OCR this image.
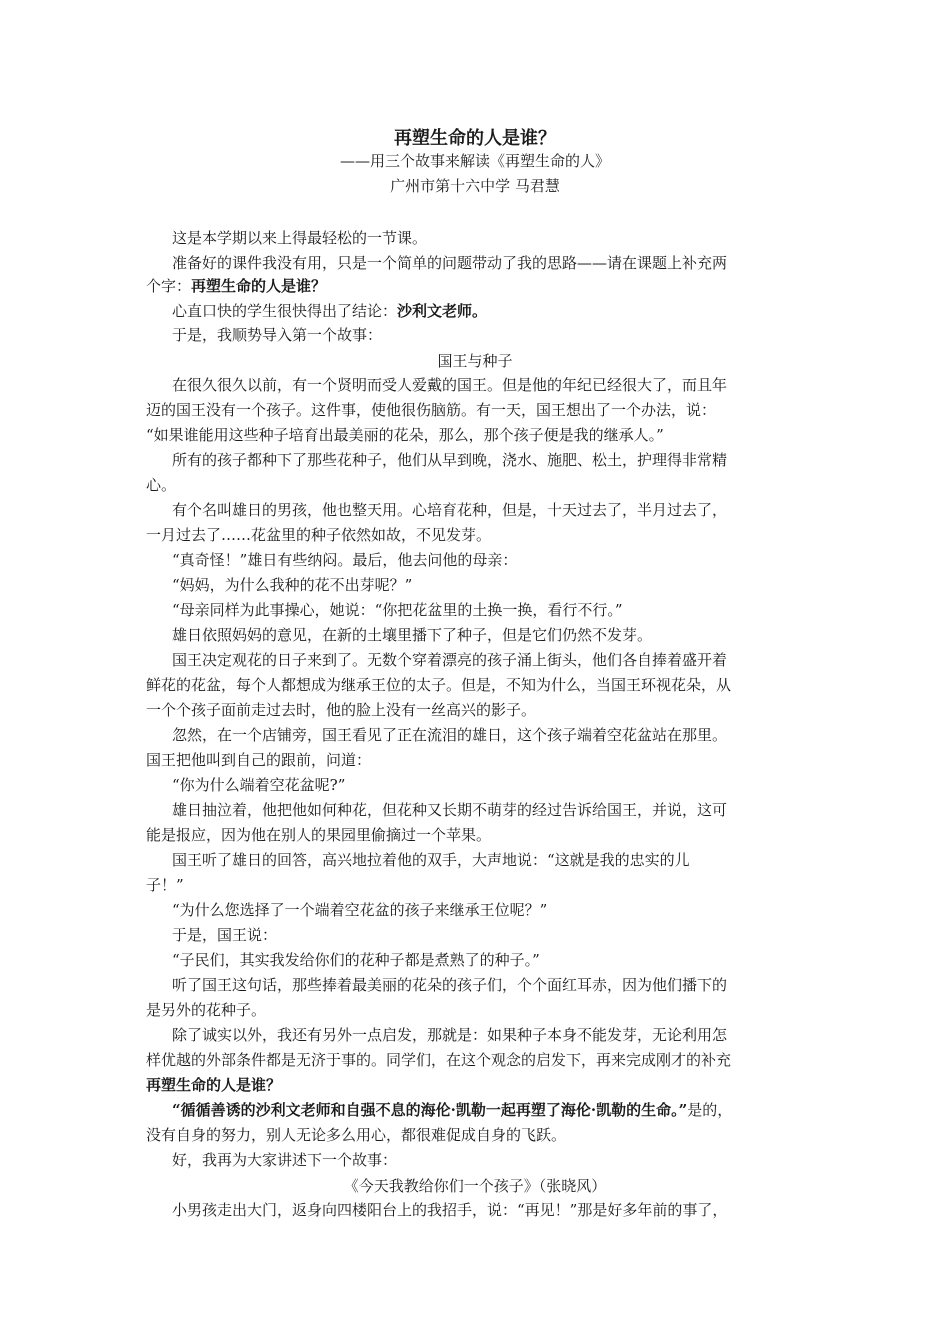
再塑生命的人是谁？
——用三个故事来解读《再塑生命的人》
广州市第十六中学 马君慧
这是本学期以来上得最轻松的一节课。
准备好的课件我没有用，只是一个简单的问题带动了我的思路——请在课题上补充两
个字：再塑生命的人是谁？
心直口快的学生很快得出了结论：沙利文老师。
于是，我顺势导入第一个故事：
国王与种子
在很久很久以前，有一个贤明而受人爱戴的国王。但是他的年纪已经很大了，而且年
迈的国王没有一个孩子。这件事，使他很伤脑筋。有一天，国王想出了一个办法，说：
“如果谁能用这些种子培育出最美丽的花朵，那么，那个孩子便是我的继承人。”
所有的孩子都种下了那些花种子，他们从早到晚，浇水、施肥、松土，护理得非常精
心。
有个名叫雄日的男孩，他也整天用。心培育花种，但是，十天过去了，半月过去了，
一月过去了……花盆里的种子依然如故，不见发芽。
“真奇怪！”雄日有些纳闷。最后，他去问他的母亲：
“妈妈，为什么我种的花不出芽呢？”
“母亲同样为此事操心，她说：“你把花盆里的土换一换，看行不行。”
雄日依照妈妈的意见，在新的土壤里播下了种子，但是它们仍然不发芽。
国王决定观花的日子来到了。无数个穿着漂亮的孩子涌上街头，他们各自捧着盛开着
鲜花的花盆，每个人都想成为继承王位的太子。但是，不知为什么，当国王环视花朵，从
一个个孩子面前走过去时，他的脸上没有一丝高兴的影子。
忽然，在一个店铺旁，国王看见了正在流泪的雄日，这个孩子端着空花盆站在那里。
国王把他叫到自己的跟前，问道：
“你为什么端着空花盆呢?”
雄日抽泣着，他把他如何种花，但花种又长期不萌芽的经过告诉给国王，并说，这可
能是报应，因为他在别人的果园里偷摘过一个苹果。
国王听了雄日的回答，高兴地拉着他的双手，大声地说：“这就是我的忠实的儿
子！”
“为什么您选择了一个端着空花盆的孩子来继承王位呢？”
于是，国王说：
“子民们，其实我发给你们的花种子都是煮熟了的种子。”
听了国王这句话，那些捧着最美丽的花朵的孩子们，个个面红耳赤，因为他们播下的
是另外的花种子。
除了诚实以外，我还有另外一点启发，那就是：如果种子本身不能发芽，无论利用怎
样优越的外部条件都是无济于事的。同学们，在这个观念的启发下，再来完成刚才的补充
再塑生命的人是谁？
“循循善诱的沙利文老师和自强不息的海伦·凯勒一起再塑了海伦·凯勒的生命。”是的，
没有自身的努力，别人无论多么用心，都很难促成自身的飞跃。
好，我再为大家讲述下一个故事：
《今天我教给你们一个孩子》（张晓风）
小男孩走出大门，返身向四楼阳台上的我招手，说：“再见！”那是好多年前的事了，
